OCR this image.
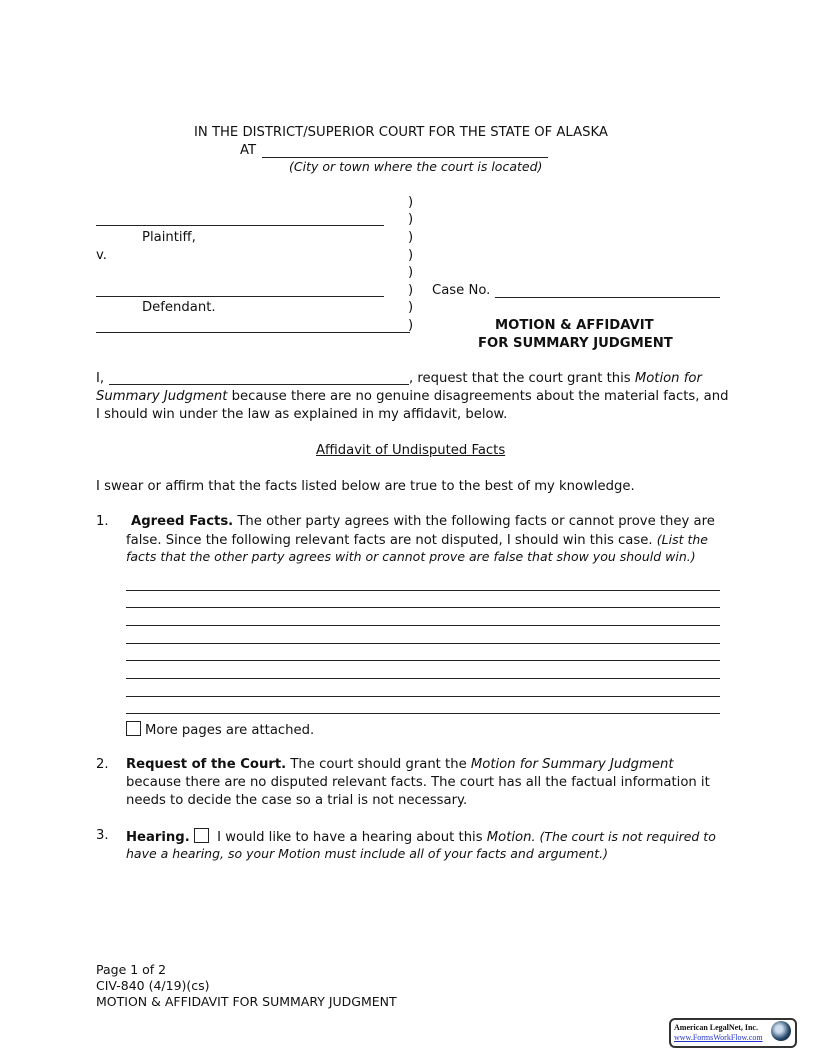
IN THE DISTRICT/SUPERIOR COURT FOR THE STATE OF ALASKA
AT
(City or town where the court is located)
)
)
)
)
)
)
)
)
Plaintiff,
v.
Defendant.
Case No.
MOTION & AFFIDAVIT
FOR SUMMARY JUDGMENT
I,	, request that the court grant this Motion for
Summary Judgment because there are no genuine disagreements about the material facts, and
I should win under the law as explained in my affidavit, below.
Affidavit of Undisputed Facts
I swear or affirm that the facts listed below are true to the best of my knowledge.
1. Agreed Facts. The other party agrees with the following facts or cannot prove they are
false. Since the following relevant facts are not disputed, I should win this case. (List the
facts that the other party agrees with or cannot prove are false that show you should win.)
More pages are attached.
2. Request of the Court. The court should grant the Motion for Summary Judgment
because there are no disputed relevant facts. The court has all the factual information it
needs to decide the case so a trial is not necessary.
3. Hearing.  I would like to have a hearing about this Motion. (The court is not required to
have a hearing, so your Motion must include all of your facts and argument.)
Page 1 of 2
CIV-840 (4/19)(cs)
MOTION & AFFIDAVIT FOR SUMMARY JUDGMENT
American LegalNet, Inc.
www.FormsWorkFlow.com
